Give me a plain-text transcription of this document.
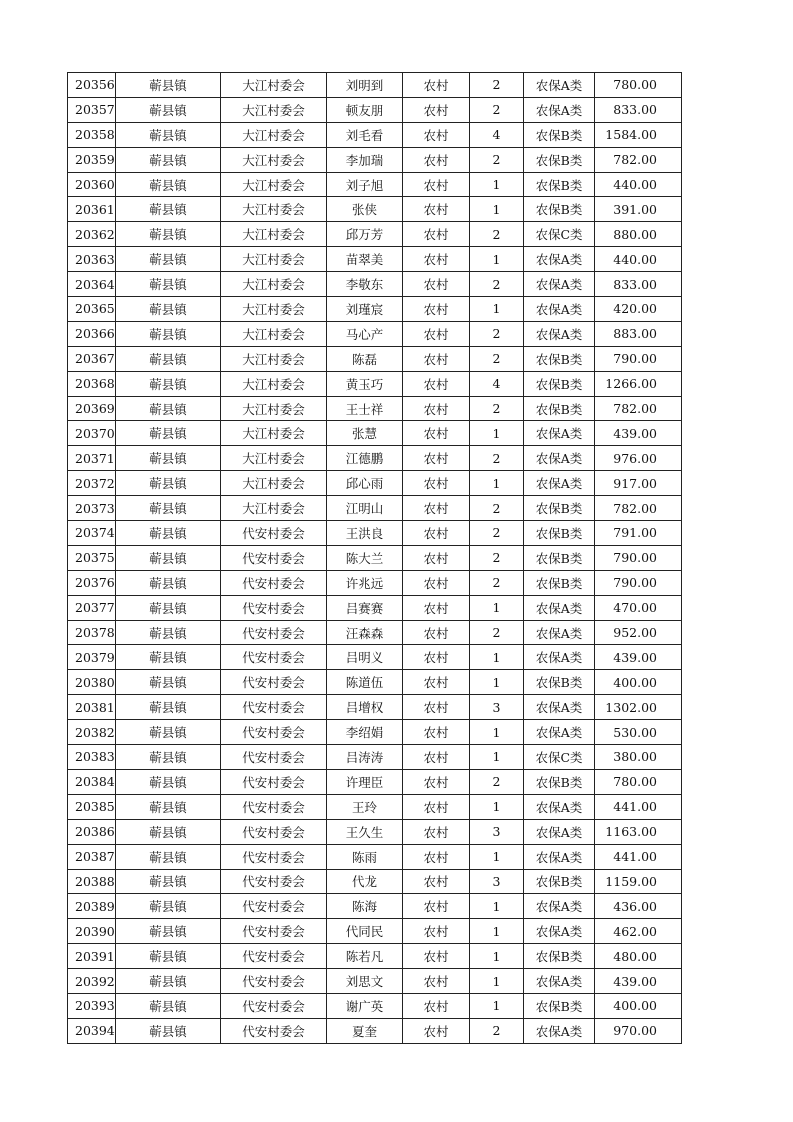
20356	蕲县镇	大江村委会	刘明到	农村	2	农保A类	780.00
20357	蕲县镇	大江村委会	顿友朋	农村	2	农保A类	833.00
20358	蕲县镇	大江村委会	刘毛看	农村	4	农保B类	1584.00
20359	蕲县镇	大江村委会	李加瑞	农村	2	农保B类	782.00
20360	蕲县镇	大江村委会	刘子旭	农村	1	农保B类	440.00
20361	蕲县镇	大江村委会	张侠	农村	1	农保B类	391.00
20362	蕲县镇	大江村委会	邱万芳	农村	2	农保C类	880.00
20363	蕲县镇	大江村委会	苗翠美	农村	1	农保A类	440.00
20364	蕲县镇	大江村委会	李敬东	农村	2	农保A类	833.00
20365	蕲县镇	大江村委会	刘瑾宸	农村	1	农保A类	420.00
20366	蕲县镇	大江村委会	马心产	农村	2	农保A类	883.00
20367	蕲县镇	大江村委会	陈磊	农村	2	农保B类	790.00
20368	蕲县镇	大江村委会	黄玉巧	农村	4	农保B类	1266.00
20369	蕲县镇	大江村委会	王士祥	农村	2	农保B类	782.00
20370	蕲县镇	大江村委会	张慧	农村	1	农保A类	439.00
20371	蕲县镇	大江村委会	江德鹏	农村	2	农保A类	976.00
20372	蕲县镇	大江村委会	邱心雨	农村	1	农保A类	917.00
20373	蕲县镇	大江村委会	江明山	农村	2	农保B类	782.00
20374	蕲县镇	代安村委会	王洪良	农村	2	农保B类	791.00
20375	蕲县镇	代安村委会	陈大兰	农村	2	农保B类	790.00
20376	蕲县镇	代安村委会	许兆远	农村	2	农保B类	790.00
20377	蕲县镇	代安村委会	吕赛赛	农村	1	农保A类	470.00
20378	蕲县镇	代安村委会	汪森森	农村	2	农保A类	952.00
20379	蕲县镇	代安村委会	吕明义	农村	1	农保A类	439.00
20380	蕲县镇	代安村委会	陈道伍	农村	1	农保B类	400.00
20381	蕲县镇	代安村委会	吕增权	农村	3	农保A类	1302.00
20382	蕲县镇	代安村委会	李绍娟	农村	1	农保A类	530.00
20383	蕲县镇	代安村委会	吕涛涛	农村	1	农保C类	380.00
20384	蕲县镇	代安村委会	许理臣	农村	2	农保B类	780.00
20385	蕲县镇	代安村委会	王玲	农村	1	农保A类	441.00
20386	蕲县镇	代安村委会	王久生	农村	3	农保A类	1163.00
20387	蕲县镇	代安村委会	陈雨	农村	1	农保A类	441.00
20388	蕲县镇	代安村委会	代龙	农村	3	农保B类	1159.00
20389	蕲县镇	代安村委会	陈海	农村	1	农保A类	436.00
20390	蕲县镇	代安村委会	代同民	农村	1	农保A类	462.00
20391	蕲县镇	代安村委会	陈若凡	农村	1	农保B类	480.00
20392	蕲县镇	代安村委会	刘思文	农村	1	农保A类	439.00
20393	蕲县镇	代安村委会	谢广英	农村	1	农保B类	400.00
20394	蕲县镇	代安村委会	夏奎	农村	2	农保A类	970.00
